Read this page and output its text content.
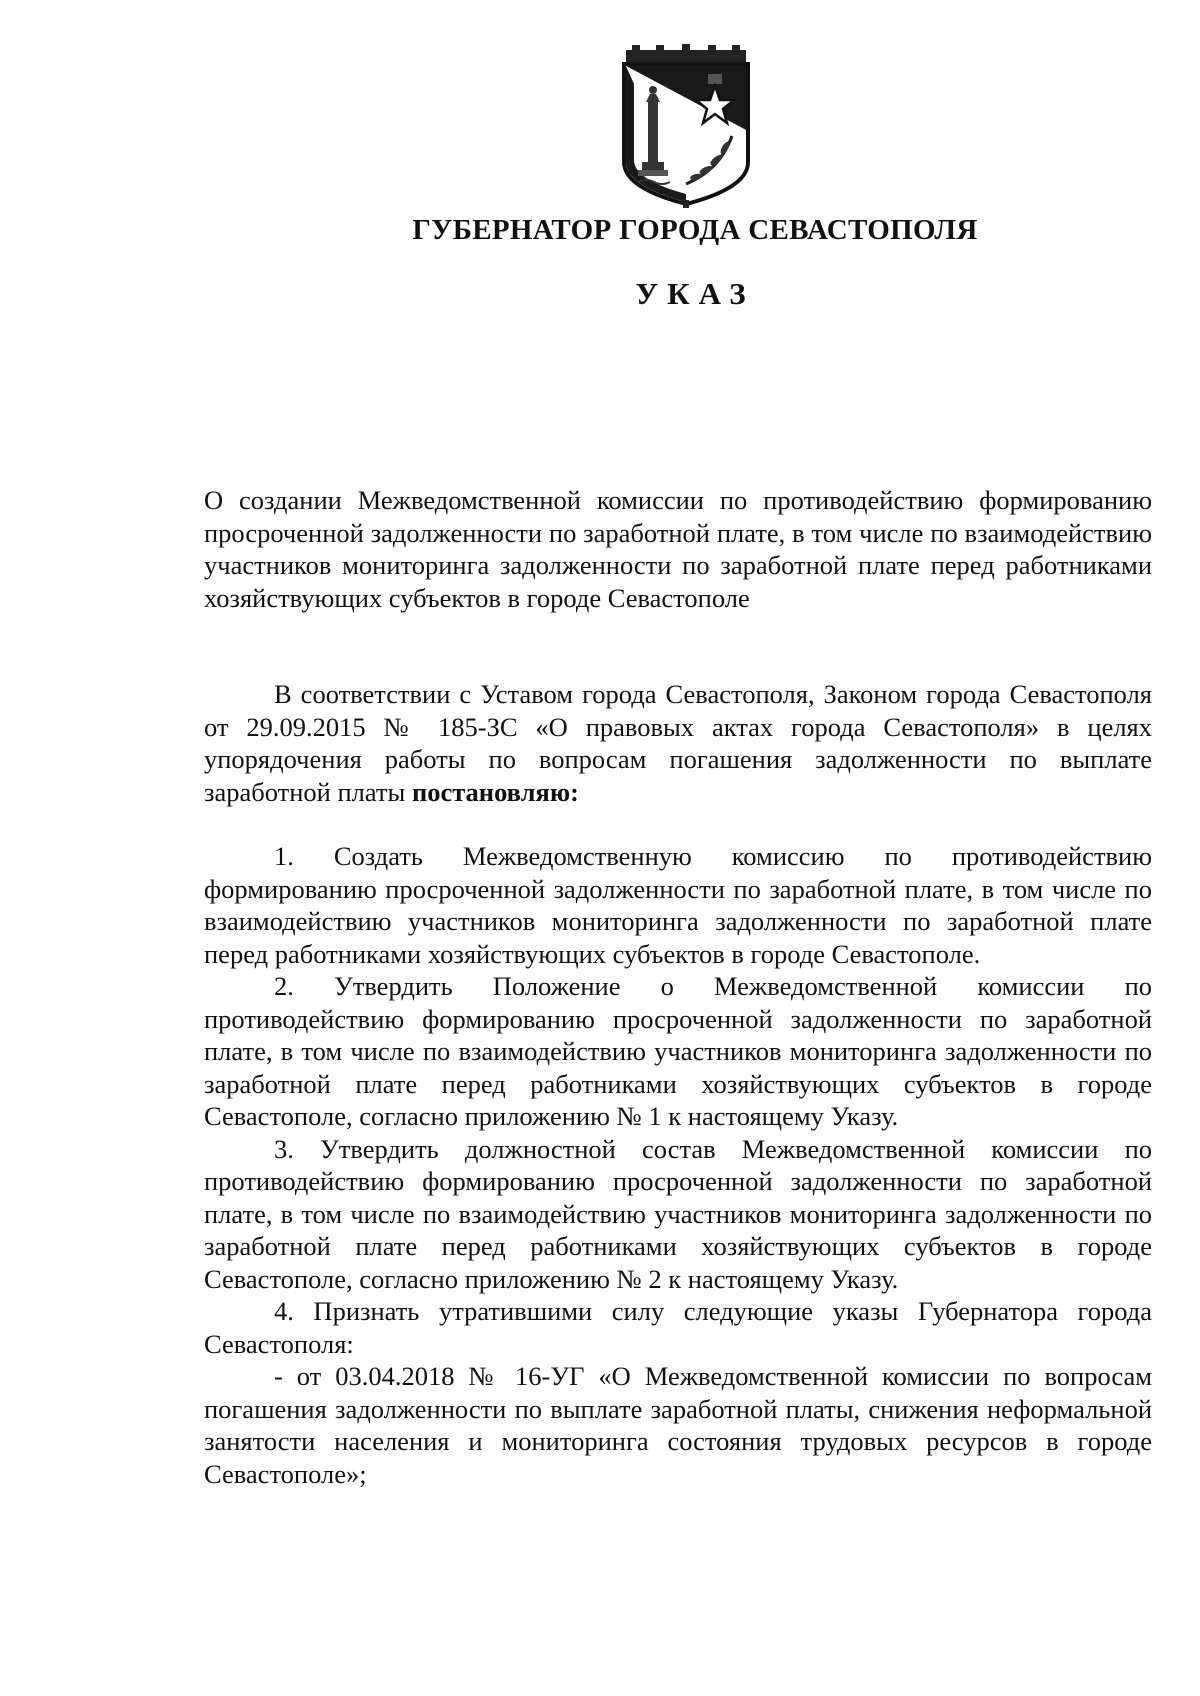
ГУБЕРНАТОР ГОРОДА СЕВАСТОПОЛЯ
УКАЗ
О создании Межведомственной комиссии по противодействию формированию просроченной задолженности по заработной плате, в том числе по взаимодействию участников мониторинга задолженности по заработной плате перед работниками хозяйствующих субъектов в городе Севастополе
В соответствии с Уставом города Севастополя, Законом города Севастополя от 29.09.2015 № 185-ЗС «О правовых актах города Севастополя» в целях упорядочения работы по вопросам погашения задолженности по выплате заработной платы постановляю:

1. Создать Межведомственную комиссию по противодействию формированию просроченной задолженности по заработной плате, в том числе по взаимодействию участников мониторинга задолженности по заработной плате перед работниками хозяйствующих субъектов в городе Севастополе.

2. Утвердить Положение о Межведомственной комиссии по противодействию формированию просроченной задолженности по заработной плате, в том числе по взаимодействию участников мониторинга задолженности по заработной плате перед работниками хозяйствующих субъектов в городе Севастополе, согласно приложению № 1 к настоящему Указу.

3. Утвердить должностной состав Межведомственной комиссии по противодействию формированию просроченной задолженности по заработной плате, в том числе по взаимодействию участников мониторинга задолженности по заработной плате перед работниками хозяйствующих субъектов в городе Севастополе, согласно приложению № 2 к настоящему Указу.

4. Признать утратившими силу следующие указы Губернатора города Севастополя:

- от 03.04.2018 № 16-УГ «О Межведомственной комиссии по вопросам погашения задолженности по выплате заработной платы, снижения неформальной занятости населения и мониторинга состояния трудовых ресурсов в городе Севастополе»;
